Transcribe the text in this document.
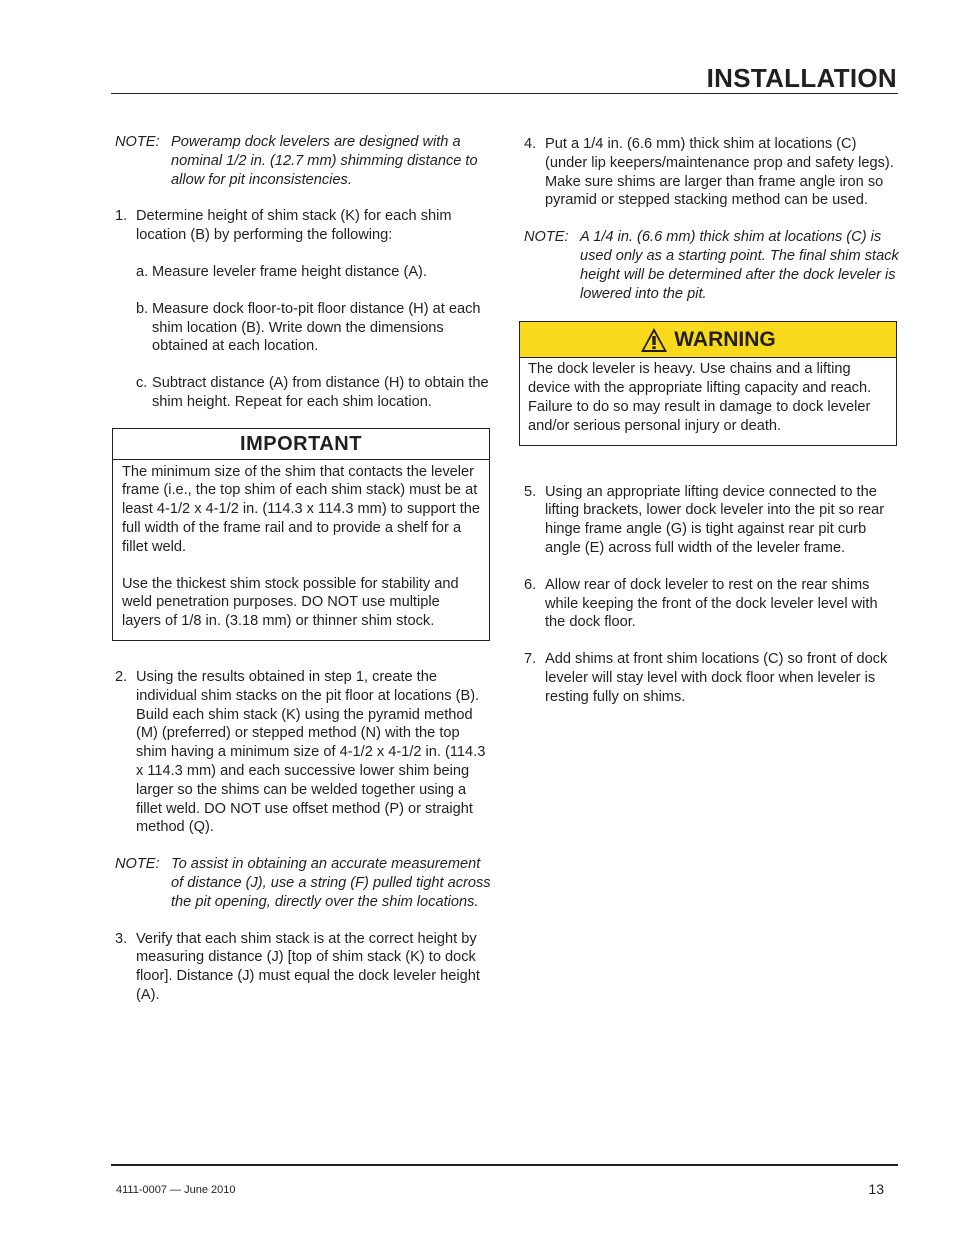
INSTALLATION
NOTE: Poweramp dock levelers are designed with a nominal 1/2 in. (12.7 mm) shimming distance to allow for pit inconsistencies.
1. Determine height of shim stack (K) for each shim location (B) by performing the following:
a. Measure leveler frame height distance (A).
b. Measure dock floor-to-pit floor distance (H) at each shim location (B). Write down the dimensions obtained at each location.
c. Subtract distance (A) from distance (H) to obtain the shim height. Repeat for each shim location.
IMPORTANT

The minimum size of the shim that contacts the leveler frame (i.e., the top shim of each shim stack) must be at least 4-1/2 x 4-1/2 in. (114.3 x 114.3 mm) to support the full width of the frame rail and to provide a shelf for a fillet weld.

Use the thickest shim stock possible for stability and weld penetration purposes. DO NOT use multiple layers of 1/8 in. (3.18 mm) or thinner shim stock.

2. Using the results obtained in step 1, create the individual shim stacks on the pit floor at locations (B). Build each shim stack (K) using the pyramid method (M) (preferred) or stepped method (N) with the top shim having a minimum size of 4-1/2 x 4-1/2 in. (114.3 x 114.3 mm) and each successive lower shim being larger so the shims can be welded together using a fillet weld. DO NOT use offset method (P) or straight method (Q).
NOTE: To assist in obtaining an accurate measurement of distance (J), use a string (F) pulled tight across the pit opening, directly over the shim locations.
3. Verify that each shim stack is at the correct height by measuring distance (J) [top of shim stack (K) to dock floor]. Distance (J) must equal the dock leveler height (A).
4. Put a 1/4 in. (6.6 mm) thick shim at locations (C) (under lip keepers/maintenance prop and safety legs). Make sure shims are larger than frame angle iron so pyramid or stepped stacking method can be used.
NOTE: A 1/4 in. (6.6 mm) thick shim at locations (C) is used only as a starting point. The final shim stack height will be determined after the dock leveler is lowered into the pit.
WARNING
The dock leveler is heavy. Use chains and a lifting device with the appropriate lifting capacity and reach. Failure to do so may result in damage to dock leveler and/or serious personal injury or death.
5. Using an appropriate lifting device connected to the lifting brackets, lower dock leveler into the pit so rear hinge frame angle (G) is tight against rear pit curb angle (E) across full width of the leveler frame.
6. Allow rear of dock leveler to rest on the rear shims while keeping the front of the dock leveler level with the dock floor.
7. Add shims at front shim locations (C) so front of dock leveler will stay level with dock floor when leveler is resting fully on shims.
4111-0007 — June 2010	13
